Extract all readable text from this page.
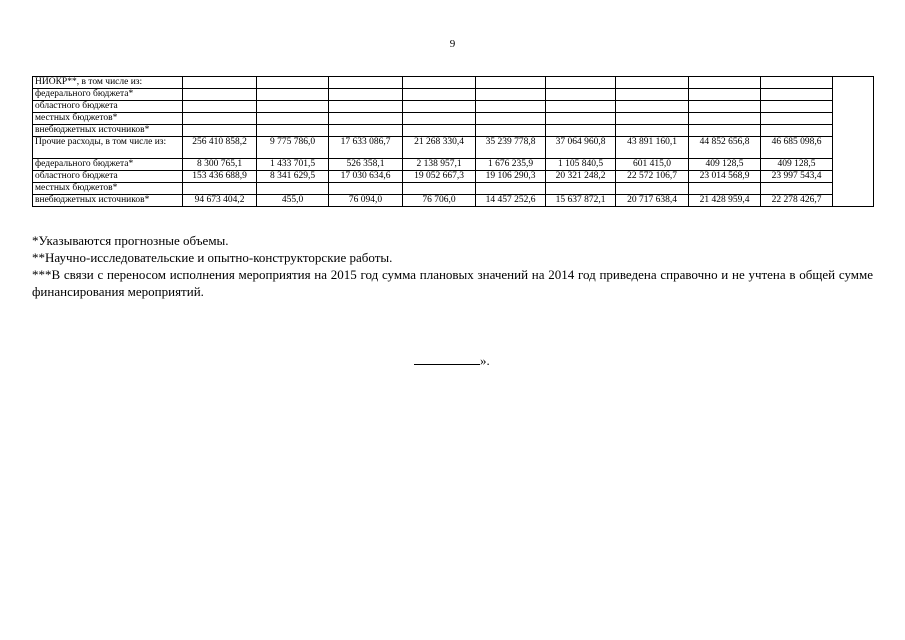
9
НИОКР**, в том числе из:										
федерального бюджета*										
областного бюджета										
местных бюджетов*										
внебюджетных источников*										
Прочие расходы, в том числе из:	256 410 858,2	9 775 786,0	17 633 086,7	21 268 330,4	35 239 778,8	37 064 960,8	43 891 160,1	44 852 656,8	46 685 098,6	
федерального бюджета*	8 300 765,1	1 433 701,5	526 358,1	2 138 957,1	1 676 235,9	1 105 840,5	601 415,0	409 128,5	409 128,5	
областного бюджета	153 436 688,9	8 341 629,5	17 030 634,6	19 052 667,3	19 106 290,3	20 321 248,2	22 572 106,7	23 014 568,9	23 997 543,4	
местных бюджетов*										
внебюджетных источников*	94 673 404,2	455,0	76 094,0	76 706,0	14 457 252,6	15 637 872,1	20 717 638,4	21 428 959,4	22 278 426,7	

*Указываются прогнозные объемы.

**Научно-исследовательские и опытно-конструкторские работы.

***В связи с переносом исполнения мероприятия на 2015 год сумма плановых значений на 2014 год приведена справочно и не учтена в общей сумме финансирования мероприятий.

».
